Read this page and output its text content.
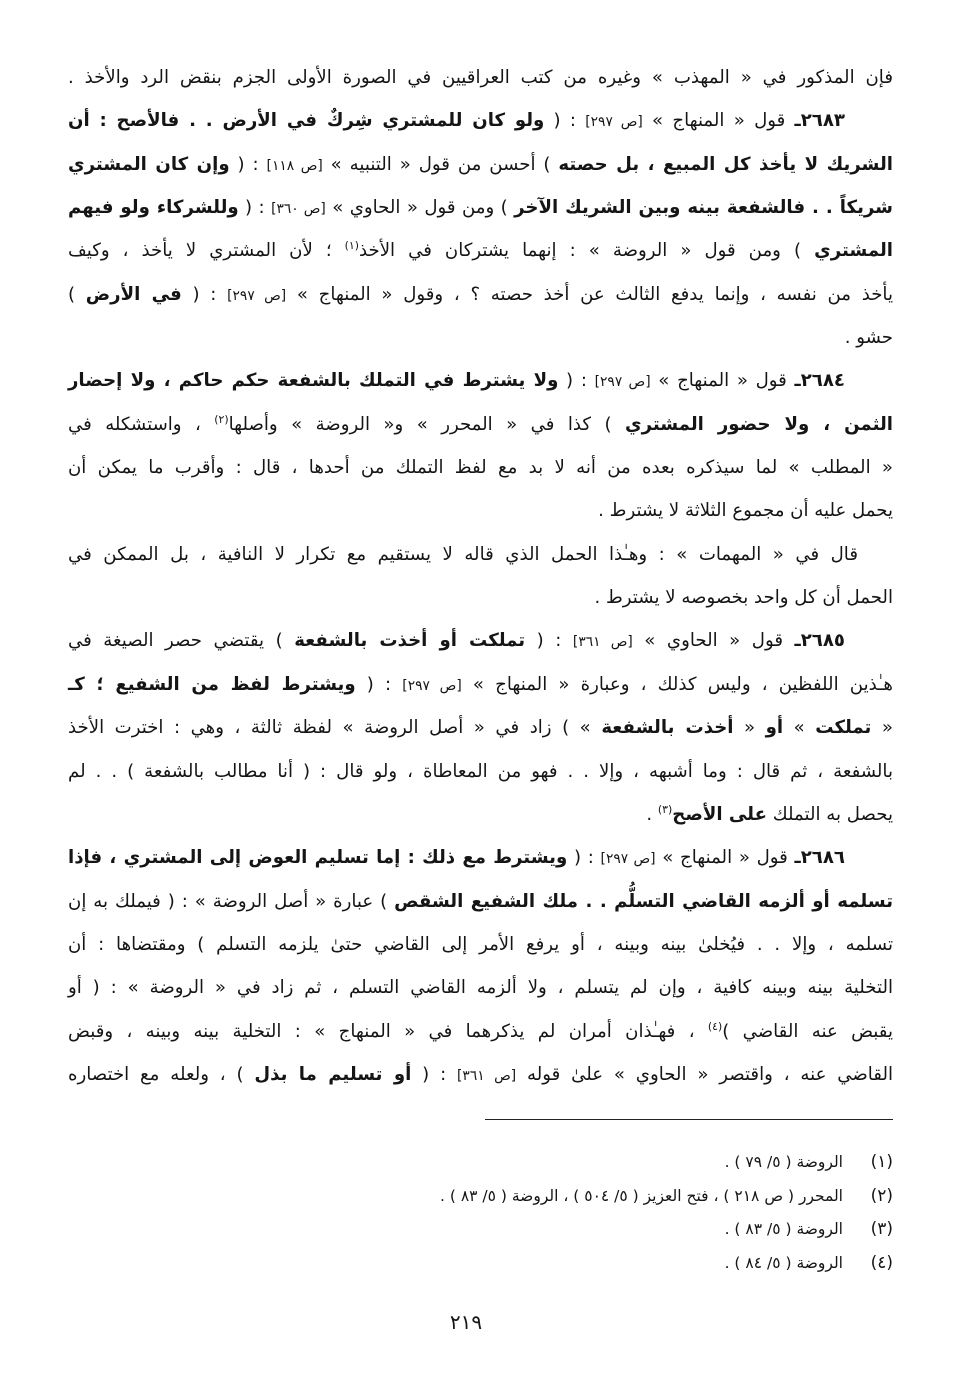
فإن المذكور في « المهذب » وغيره من كتب العراقيين في الصورة الأولى الجزم بنقض الرد والأخذ .
٢٦٨٣ـ قول « المنهاج » [ص ٢٩٧] : ( ولو كان للمشتري شِركٌ في الأرض . . فالأصح : أن
الشريك لا يأخذ كل المبيع ، بل حصته ) أحسن من قول « التنبيه » [ص ١١٨] : ( وإن كان المشتري
شريكاً . . فالشفعة بينه وبين الشريك الآخر ) ومن قول « الحاوي » [ص ٣٦٠] : ( وللشركاء ولو فيهم
المشتري ) ومن قول « الروضة » : إنهما يشتركان في الأخذ$^{(١)}$ ؛ لأن المشتري لا يأخذ ، وكيف
يأخذ من نفسه ، وإنما يدفع الثالث عن أخذ حصته ؟ ، وقول « المنهاج » [ص ٢٩٧] : ( في الأرض )
حشو .
٢٦٨٤ـ قول « المنهاج » [ص ٢٩٧] : ( ولا يشترط في التملك بالشفعة حكم حاكم ، ولا إحضار
الثمن ، ولا حضور المشتري ) كذا في « المحرر » و« الروضة » وأصلها$^{(٢)}$ ، واستشكله في
« المطلب » لما سيذكره بعده من أنه لا بد مع لفظ التملك من أحدها ، قال : وأقرب ما يمكن أن
يحمل عليه أن مجموع الثلاثة لا يشترط .
قال في « المهمات » : وهـٰذا الحمل الذي قاله لا يستقيم مع تكرار لا النافية ، بل الممكن في
الحمل أن كل واحد بخصوصه لا يشترط .
٢٦٨٥ـ قول « الحاوي » [ص ٣٦١] : ( تملكت أو أخذت بالشفعة ) يقتضي حصر الصيغة في
هـٰذين اللفظين ، وليس كذلك ، وعبارة « المنهاج » [ص ٢٩٧] : ( ويشترط لفظ من الشفيع ؛ كـ
« تملكت » أو « أخذت بالشفعة » ) زاد في « أصل الروضة » لفظة ثالثة ، وهي : اخترت الأخذ
بالشفعة ، ثم قال : وما أشبهه ، وإلا . . فهو من المعاطاة ، ولو قال : ( أنا مطالب بالشفعة ) . . لم
يحصل به التملك على الأصح$^{(٣)}$ .
٢٦٨٦ـ قول « المنهاج » [ص ٢٩٧] : ( ويشترط مع ذلك : إما تسليم العوض إلى المشتري ، فإذا
تسلمه أو ألزمه القاضي التسلُّم . . ملك الشفيع الشقص ) عبارة « أصل الروضة » : ( فيملك به إن
تسلمه ، وإلا . . فيُخلىٰ بينه وبينه ، أو يرفع الأمر إلى القاضي حتىٰ يلزمه التسلم ) ومقتضاها : أن
التخلية بينه وبينه كافية ، وإن لم يتسلم ، ولا ألزمه القاضي التسلم ، ثم زاد في « الروضة » : ( أو
يقبض عنه القاضي )$^{(٤)}$ ، فهـٰذان أمران لم يذكرهما في « المنهاج » : التخلية بينه وبينه ، وقبض
القاضي عنه ، واقتصر « الحاوي » علىٰ قوله [ص ٣٦١] : ( أو تسليم ما بذل ) ، ولعله مع اختصاره
(١)
الروضة ( ٥/ ٧٩ ) .
(٢)
المحرر ( ص ٢١٨ ) ، فتح العزيز ( ٥/ ٥٠٤ ) ، الروضة ( ٥/ ٨٣ ) .
(٣)
الروضة ( ٥/ ٨٣ ) .
(٤)
الروضة ( ٥/ ٨٤ ) .
٢١٩
